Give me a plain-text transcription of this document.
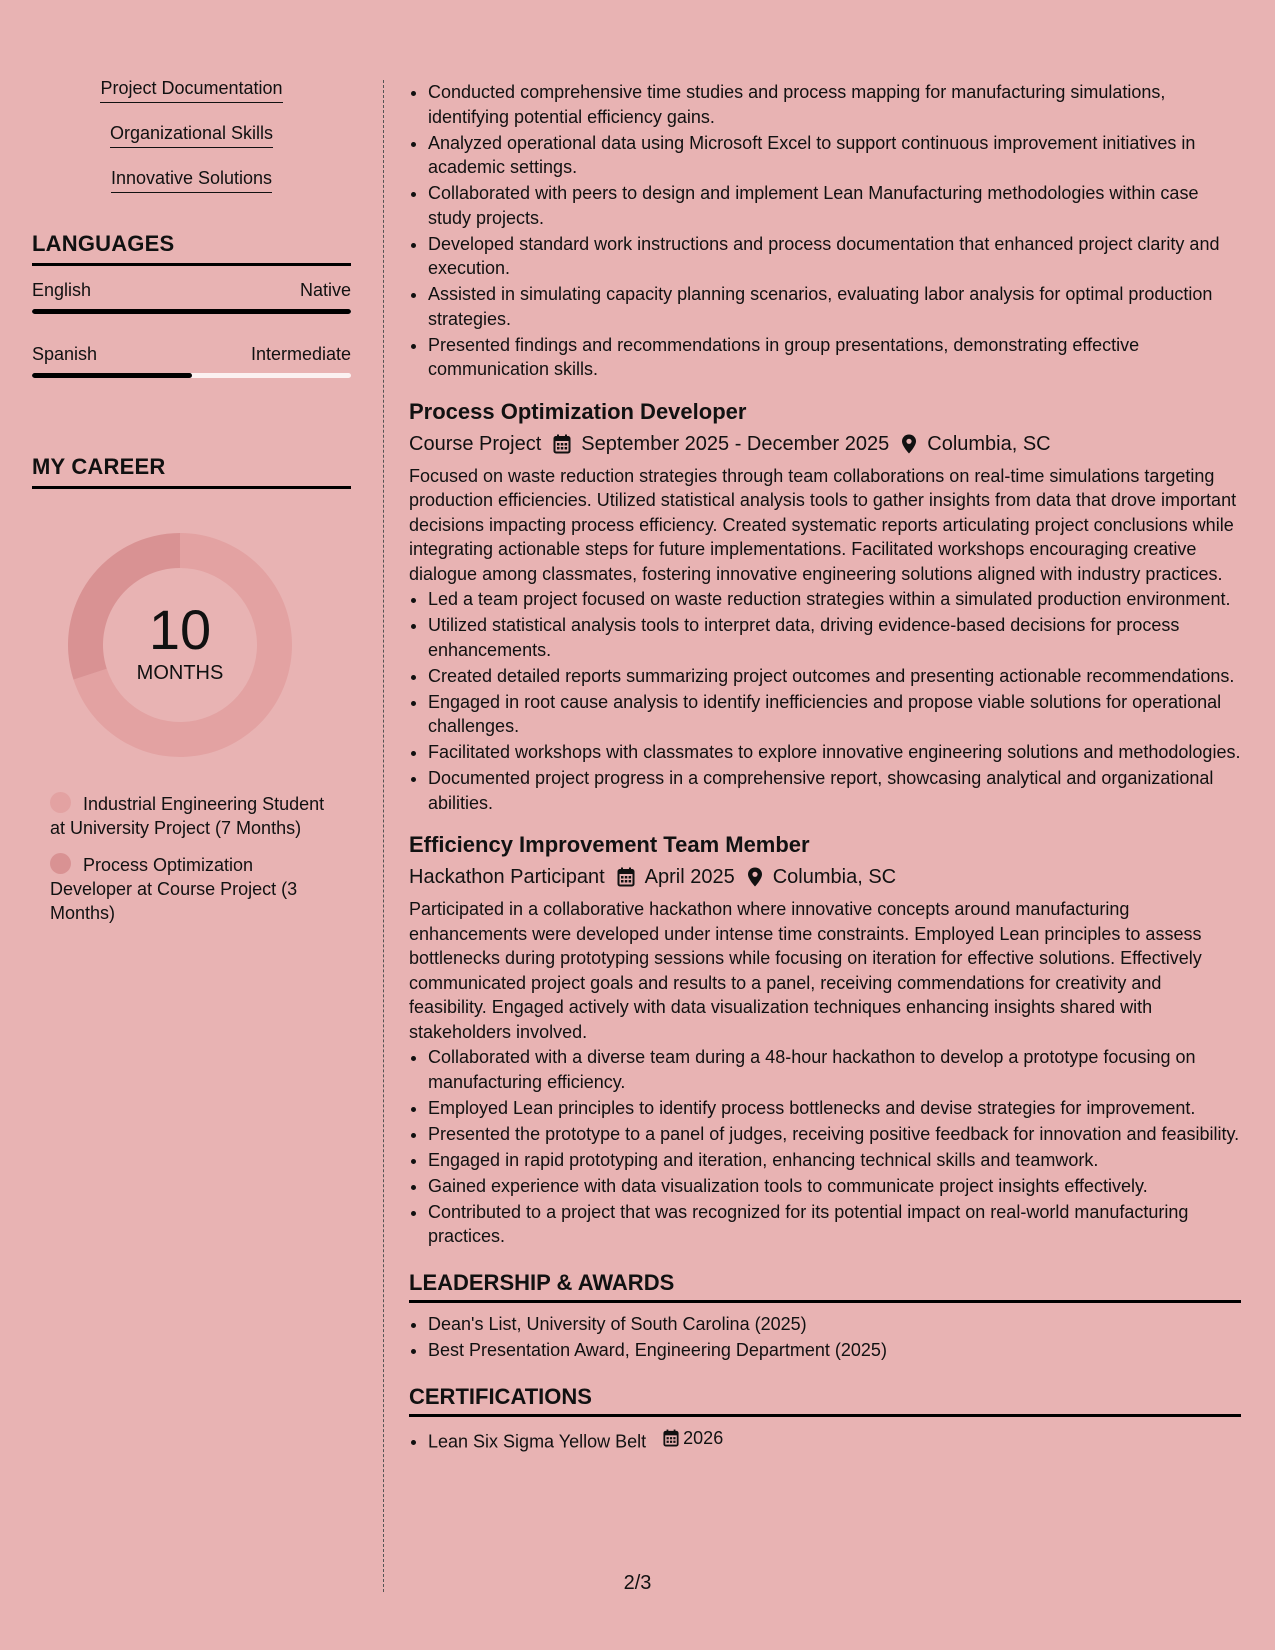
Project Documentation
Organizational Skills
Innovative Solutions
LANGUAGES
English	Native
Spanish	Intermediate
MY CAREER
10
MONTHS
Industrial Engineering Student at University Project (7 Months)
Process Optimization Developer at Course Project (3 Months)
• Conducted comprehensive time studies and process mapping for manufacturing simulations, identifying potential efficiency gains.
• Analyzed operational data using Microsoft Excel to support continuous improvement initiatives in academic settings.
• Collaborated with peers to design and implement Lean Manufacturing methodologies within case study projects.
• Developed standard work instructions and process documentation that enhanced project clarity and execution.
• Assisted in simulating capacity planning scenarios, evaluating labor analysis for optimal production strategies.
• Presented findings and recommendations in group presentations, demonstrating effective communication skills.
Process Optimization Developer
Course Project September 2025 - December 2025 Columbia, SC

Focused on waste reduction strategies through team collaborations on real-time simulations targeting production efficiencies. Utilized statistical analysis tools to gather insights from data that drove important decisions impacting process efficiency. Created systematic reports articulating project conclusions while integrating actionable steps for future implementations. Facilitated workshops encouraging creative dialogue among classmates, fostering innovative engineering solutions aligned with industry practices.

• Led a team project focused on waste reduction strategies within a simulated production environment.
• Utilized statistical analysis tools to interpret data, driving evidence-based decisions for process enhancements.
• Created detailed reports summarizing project outcomes and presenting actionable recommendations.
• Engaged in root cause analysis to identify inefficiencies and propose viable solutions for operational challenges.
• Facilitated workshops with classmates to explore innovative engineering solutions and methodologies.
• Documented project progress in a comprehensive report, showcasing analytical and organizational abilities.
Efficiency Improvement Team Member
Hackathon Participant April 2025 Columbia, SC

Participated in a collaborative hackathon where innovative concepts around manufacturing enhancements were developed under intense time constraints. Employed Lean principles to assess bottlenecks during prototyping sessions while focusing on iteration for effective solutions. Effectively communicated project goals and results to a panel, receiving commendations for creativity and feasibility. Engaged actively with data visualization techniques enhancing insights shared with stakeholders involved.

• Collaborated with a diverse team during a 48-hour hackathon to develop a prototype focusing on manufacturing efficiency.
• Employed Lean principles to identify process bottlenecks and devise strategies for improvement.
• Presented the prototype to a panel of judges, receiving positive feedback for innovation and feasibility.
• Engaged in rapid prototyping and iteration, enhancing technical skills and teamwork.
• Gained experience with data visualization tools to communicate project insights effectively.
• Contributed to a project that was recognized for its potential impact on real-world manufacturing practices.
LEADERSHIP & AWARDS
• Dean's List, University of South Carolina (2025)
• Best Presentation Award, Engineering Department (2025)
CERTIFICATIONS
• Lean Six Sigma Yellow Belt 2026
2/3
